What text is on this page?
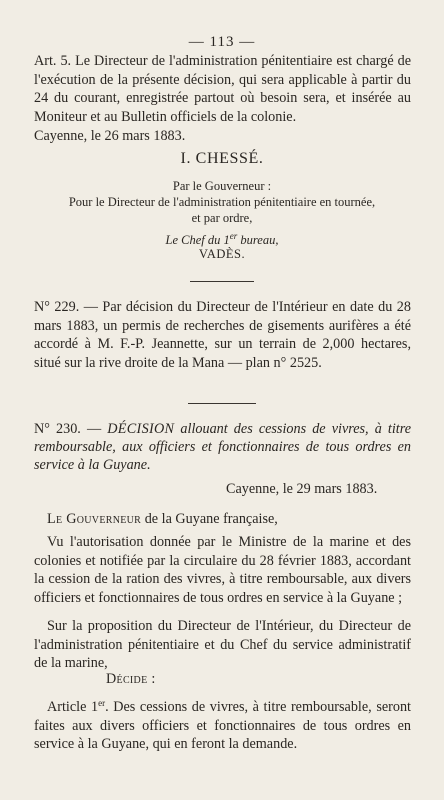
— 113 —
Art. 5. Le Directeur de l'administration pénitentiaire est chargé de l'exécution de la présente décision, qui sera applicable à partir du 24 du courant, enregistrée partout où besoin sera, et insérée au Moniteur et au Bulletin officiels de la colonie.
Cayenne, le 26 mars 1883.
I. CHESSÉ.
Par le Gouverneur :
Pour le Directeur de l'administration pénitentiaire en tournée,
et par ordre,
Le Chef du 1er bureau,
VADÈS.
N° 229. — Par décision du Directeur de l'Intérieur en date du 28 mars 1883, un permis de recherches de gisements aurifères a été accordé à M. F.-P. Jeannette, sur un terrain de 2,000 hectares, situé sur la rive droite de la Mana — plan n° 2525.
N° 230. — DÉCISION allouant des cessions de vivres, à titre remboursable, aux officiers et fonctionnaires de tous ordres en service à la Guyane.
Cayenne, le 29 mars 1883.
Le Gouverneur de la Guyane française,
Vu l'autorisation donnée par le Ministre de la marine et des colonies et notifiée par la circulaire du 28 février 1883, accordant la cession de la ration des vivres, à titre remboursable, aux divers officiers et fonctionnaires de tous ordres en service à la Guyane ;
Sur la proposition du Directeur de l'Intérieur, du Directeur de l'administration pénitentiaire et du Chef du service administratif de la marine,
Décide :
Article 1er. Des cessions de vivres, à titre remboursable, seront faites aux divers officiers et fonctionnaires de tous ordres en service à la Guyane, qui en feront la demande.
